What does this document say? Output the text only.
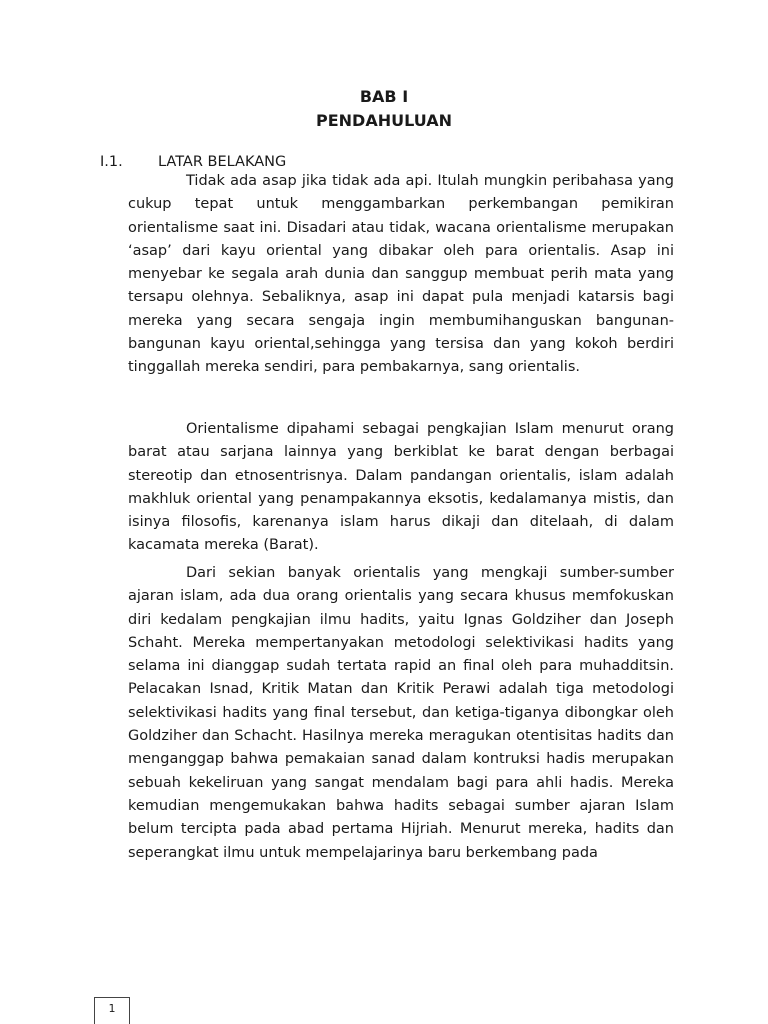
BAB I
PENDAHULUAN
I.1. LATAR BELAKANG

Tidak ada asap jika tidak ada api. Itulah mungkin peribahasa yang cukup tepat untuk menggambarkan perkembangan pemikiran orientalisme saat ini. Disadari atau tidak, wacana orientalisme merupakan ‘asap’ dari kayu oriental yang dibakar oleh para orientalis. Asap ini menyebar ke segala arah dunia dan sanggup membuat perih mata yang tersapu olehnya. Sebaliknya, asap ini dapat pula menjadi katarsis bagi mereka yang secara sengaja ingin membumihanguskan bangunan-bangunan kayu oriental,sehingga yang tersisa dan yang kokoh berdiri tinggallah mereka sendiri, para pembakarnya, sang orientalis.

Orientalisme dipahami sebagai pengkajian Islam menurut orang barat atau sarjana lainnya yang berkiblat ke barat dengan berbagai stereotip dan etnosentrisnya. Dalam pandangan orientalis, islam adalah makhluk oriental yang penampakannya eksotis, kedalamanya mistis, dan isinya filosofis, karenanya islam harus dikaji dan ditelaah, di dalam kacamata mereka (Barat).

Dari sekian banyak orientalis yang mengkaji sumber-sumber ajaran islam, ada dua orang orientalis yang secara khusus memfokuskan diri kedalam pengkajian ilmu hadits, yaitu Ignas Goldziher dan Joseph Schaht. Mereka mempertanyakan metodologi selektivikasi hadits yang selama ini dianggap sudah tertata rapid an final oleh para muhadditsin. Pelacakan Isnad, Kritik Matan dan Kritik Perawi adalah tiga metodologi selektivikasi hadits yang final tersebut, dan ketiga-tiganya dibongkar oleh Goldziher dan Schacht. Hasilnya mereka meragukan otentisitas hadits dan menganggap bahwa pemakaian sanad dalam kontruksi hadis merupakan sebuah kekeliruan yang sangat mendalam bagi para ahli hadis. Mereka kemudian mengemukakan bahwa hadits sebagai sumber ajaran Islam belum tercipta pada abad pertama Hijriah. Menurut mereka, hadits dan seperangkat ilmu untuk mempelajarinya baru berkembang pada

1
